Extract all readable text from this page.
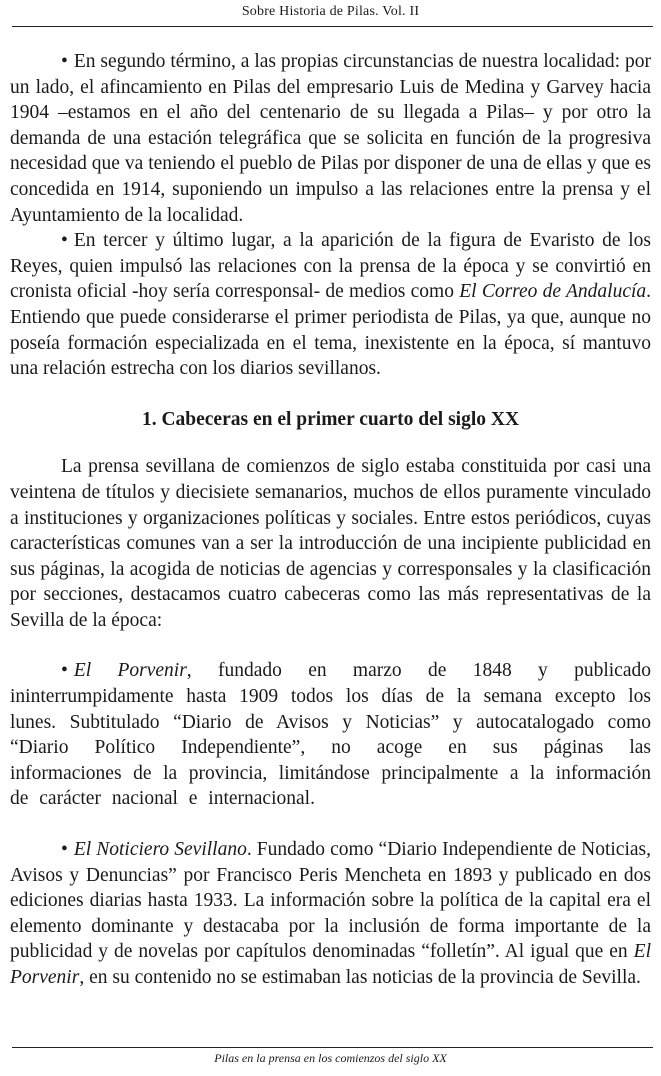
Sobre Historia de Pilas. Vol. II

• En segundo término, a las propias circunstancias de nuestra localidad: por un lado, el afincamiento en Pilas del empresario Luis de Medina y Garvey hacia 1904 –estamos en el año del centenario de su llegada a Pilas– y por otro la demanda de una estación telegráfica que se solicita en función de la progresiva necesidad que va teniendo el pueblo de Pilas por disponer de una de ellas y que es concedida en 1914, suponiendo un impulso a las relaciones entre la prensa y el Ayuntamiento de la localidad.

• En tercer y último lugar, a la aparición de la figura de Evaristo de los Reyes, quien impulsó las relaciones con la prensa de la época y se convirtió en cronista oficial -hoy sería corresponsal- de medios como El Correo de Andalucía. Entiendo que puede considerarse el primer periodista de Pilas, ya que, aunque no poseía formación especializada en el tema, inexistente en la época, sí mantuvo una relación estrecha con los diarios sevillanos.

1. Cabeceras en el primer cuarto del siglo XX

La prensa sevillana de comienzos de siglo estaba constituida por casi una veintena de títulos y diecisiete semanarios, muchos de ellos puramente vinculado a instituciones y organizaciones políticas y sociales. Entre estos periódicos, cuyas características comunes van a ser la introducción de una incipiente publicidad en sus páginas, la acogida de noticias de agencias y corresponsales y la clasificación por secciones, destacamos cuatro cabeceras como las más representativas de la Sevilla de la época:

• El Porvenir, fundado en marzo de 1848 y publicado ininterrumpidamente hasta 1909 todos los días de la semana excepto los lunes. Subtitulado “Diario de Avisos y Noticias” y autocatalogado como “Diario Político Independiente”, no acoge en sus páginas las informaciones de la provincia, limitándose principalmente a la información de carácter nacional e internacional.

• El Noticiero Sevillano. Fundado como “Diario Independiente de Noticias, Avisos y Denuncias” por Francisco Peris Mencheta en 1893 y publicado en dos ediciones diarias hasta 1933. La información sobre la política de la capital era el elemento dominante y destacaba por la inclusión de forma importante de la publicidad y de novelas por capítulos denominadas “folletín”. Al igual que en El Porvenir, en su contenido no se estimaban las noticias de la provincia de Sevilla.

Pilas en la prensa en los comienzos del siglo XX
